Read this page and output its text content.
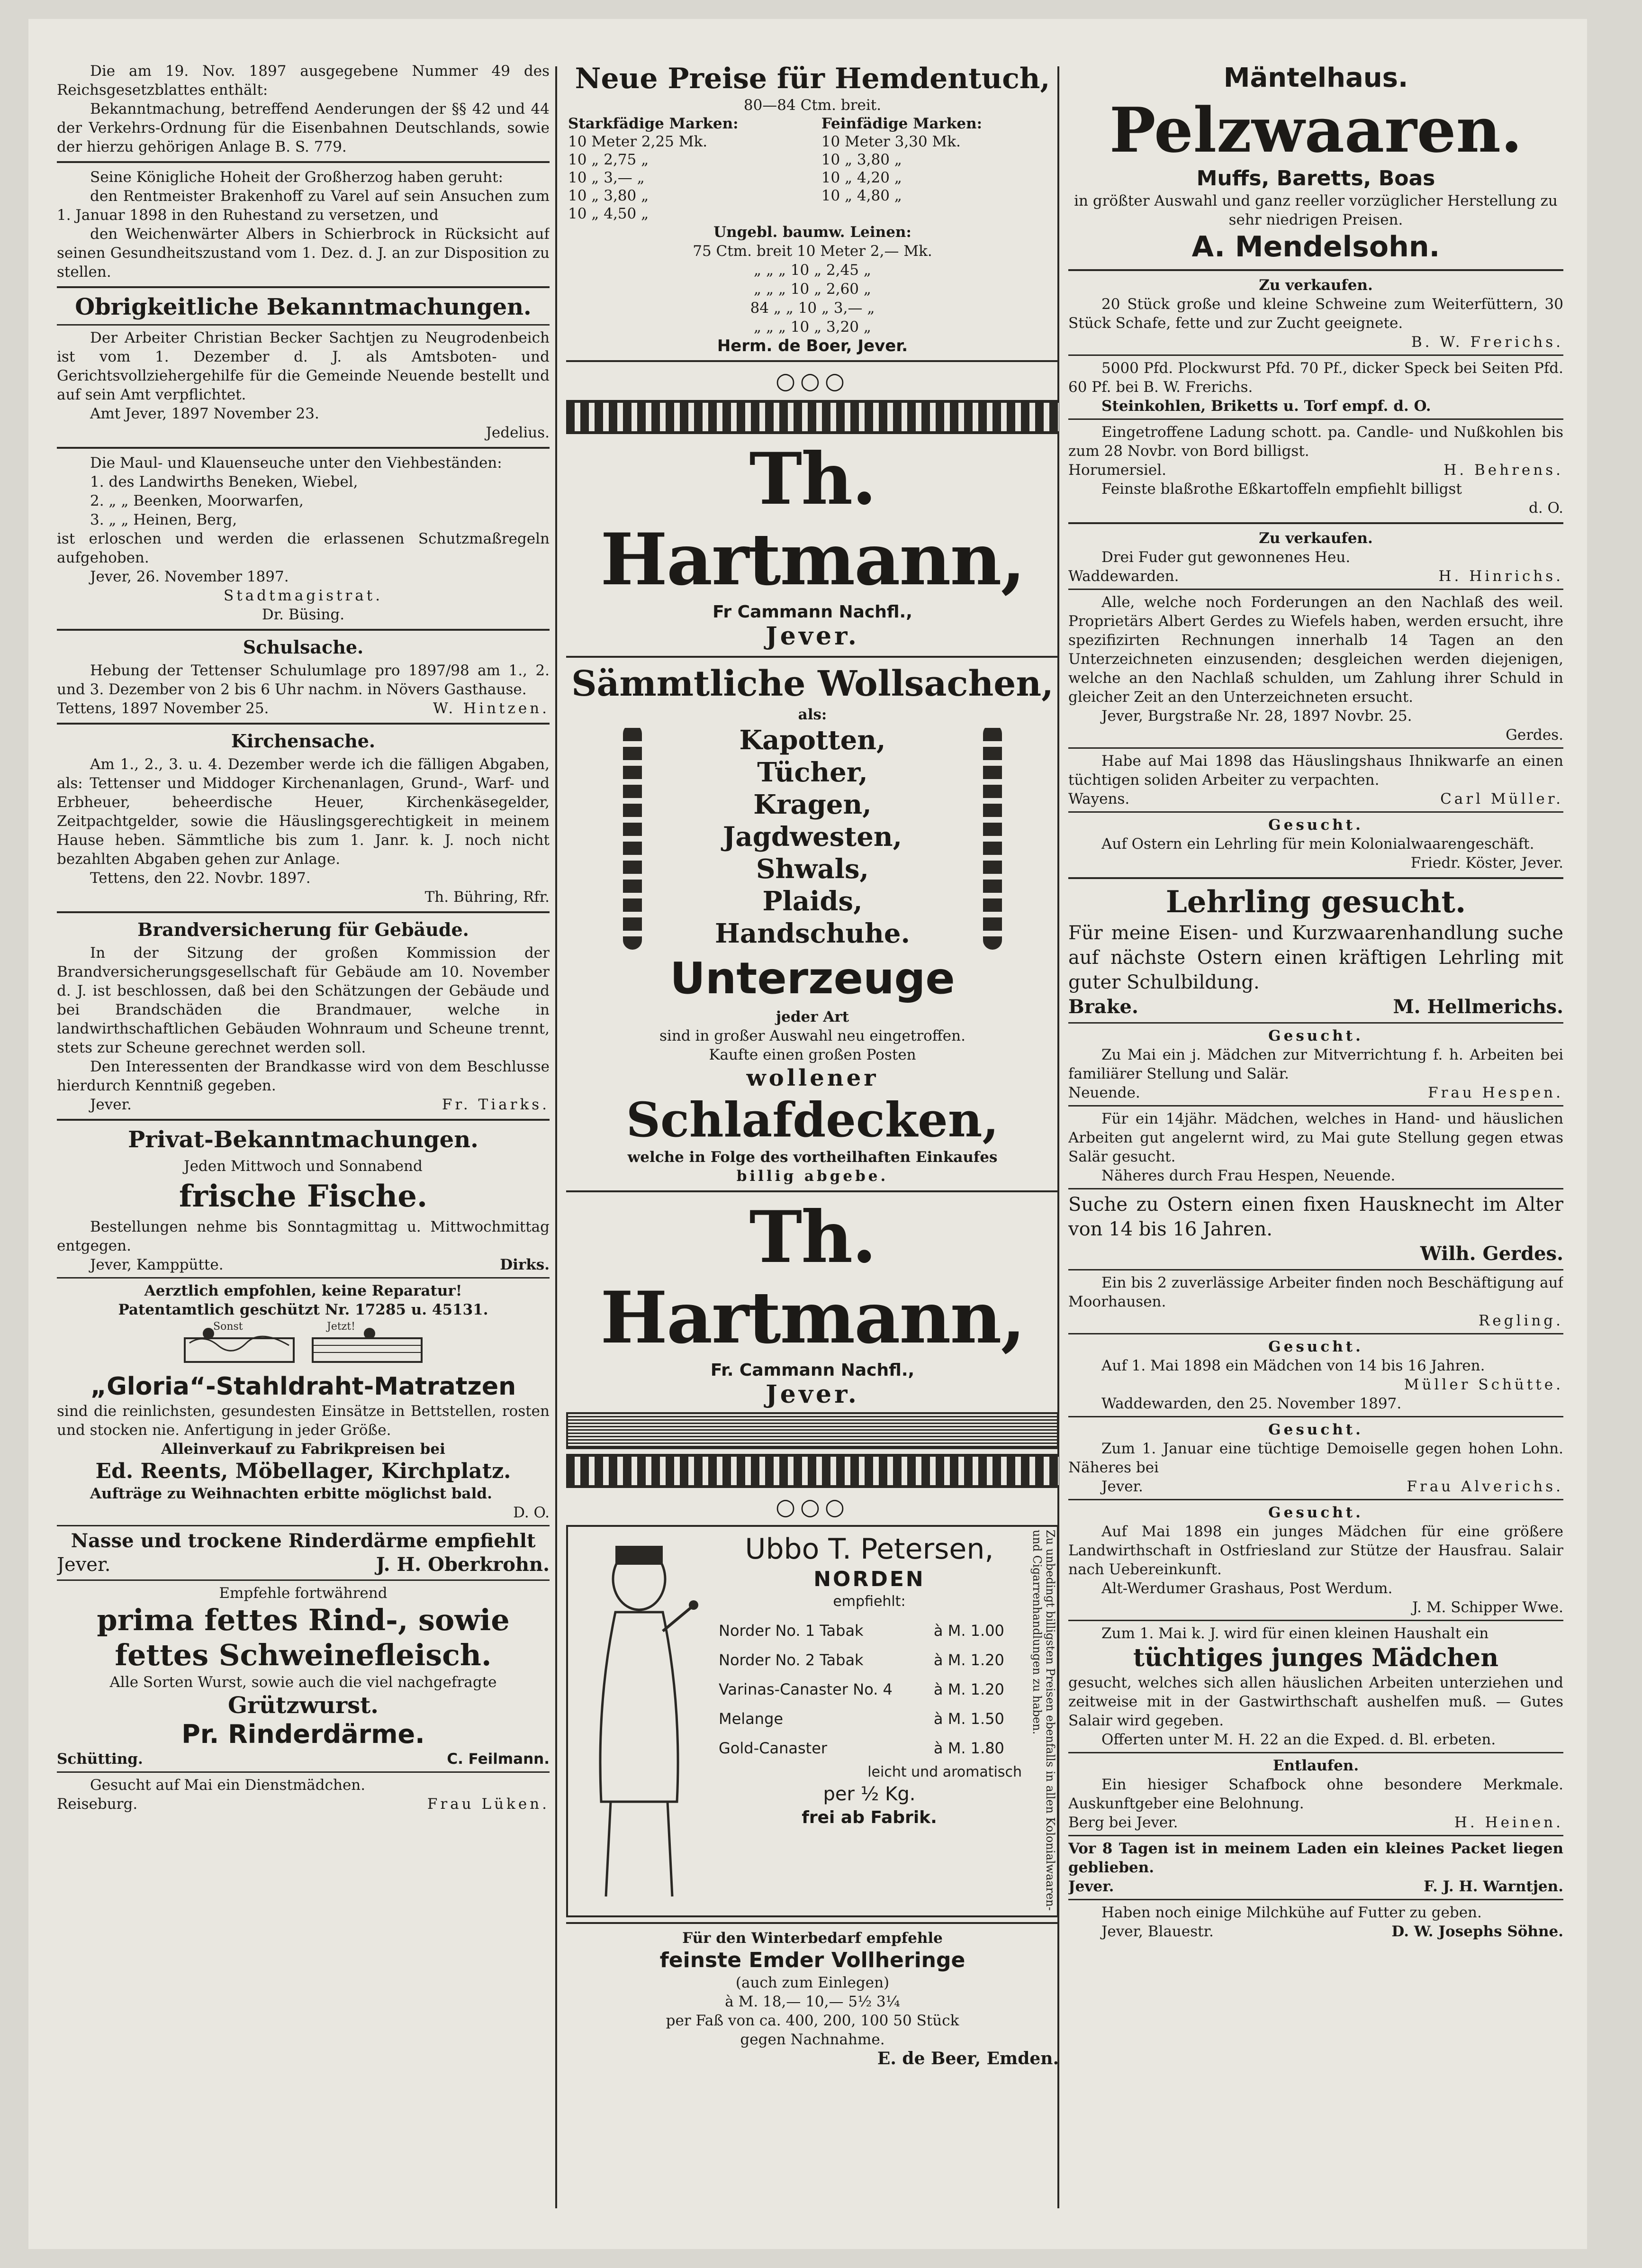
Die am 19. Nov. 1897 ausgegebene Nummer 49 des Reichsgesetzblattes enthält:

Bekanntmachung, betreffend Aenderungen der §§ 42 und 44 der Verkehrs-Ordnung für die Eisenbahnen Deutschlands, sowie der hierzu gehörigen Anlage B. S. 779.

Seine Königliche Hoheit der Großherzog haben geruht:

den Rentmeister Brakenhoff zu Varel auf sein Ansuchen zum 1. Januar 1898 in den Ruhestand zu versetzen, und

den Weichenwärter Albers in Schierbrock in Rücksicht auf seinen Gesundheitszustand vom 1. Dez. d. J. an zur Disposition zu stellen.

Obrigkeitliche Bekanntmachungen.

Der Arbeiter Christian Becker Sachtjen zu Neugrodenbeich ist vom 1. Dezember d. J. als Amtsboten- und Gerichtsvollziehergehilfe für die Gemeinde Neuende bestellt und auf sein Amt verpflichtet.

Amt Jever, 1897 November 23.

Jedelius.

Die Maul- und Klauenseuche unter den Viehbeständen:

1. des Landwirths Beneken, Wiebel,

2. „ „ Beenken, Moorwarfen,

3. „ „ Heinen, Berg,

ist erloschen und werden die erlassenen Schutzmaßregeln aufgehoben.

Jever, 26. November 1897.

Stadtmagistrat.

Dr. Büsing.

Schulsache.

Hebung der Tettenser Schulumlage pro 1897/98 am 1., 2. und 3. Dezember von 2 bis 6 Uhr nachm. in Növers Gasthause.

Tettens, 1897 November 25.	W. Hintzen.
Kirchensache.

Am 1., 2., 3. u. 4. Dezember werde ich die fälligen Abgaben, als: Tettenser und Middoger Kirchenanlagen, Grund-, Warf- und Erbheuer, beheerdische Heuer, Kirchenkäsegelder, Zeitpachtgelder, sowie die Häuslingsgerechtigkeit in meinem Hause heben. Sämmtliche bis zum 1. Janr. k. J. noch nicht bezahlten Abgaben gehen zur Anlage.

Tettens, den 22. Novbr. 1897.

Th. Bühring, Rfr.

Brandversicherung für Gebäude.

In der Sitzung der großen Kommission der Brandversicherungsgesellschaft für Gebäude am 10. November d. J. ist beschlossen, daß bei den Schätzungen der Gebäude und bei Brandschäden die Brandmauer, welche in landwirthschaftlichen Gebäuden Wohnraum und Scheune trennt, stets zur Scheune gerechnet werden soll.

Den Interessenten der Brandkasse wird von dem Beschlusse hierdurch Kenntniß gegeben.

Jever.	Fr. Tiarks.
Privat-Bekanntmachungen.

Jeden Mittwoch und Sonnabend

frische Fische.

Bestellungen nehme bis Sonntagmittag u. Mittwochmittag entgegen.

Jever, Kamppütte.	Dirks.

Aerztlich empfohlen, keine Reparatur!

Patentamtlich geschützt Nr. 17285 u. 45131.

Sonst	Jetzt!
„Gloria“-Stahldraht-Matratzen

sind die reinlichsten, gesundesten Einsätze in Bettstellen, rosten und stocken nie. Anfertigung in jeder Größe.

Alleinverkauf zu Fabrikpreisen bei

Ed. Reents, Möbellager, Kirchplatz.

Aufträge zu Weihnachten erbitte möglichst bald.

D. O.

Nasse und trockene Rinderdärme empfiehlt
Jever.	J. H. Oberkrohn.

Empfehle fortwährend

prima fettes Rind-, sowie fettes Schweinefleisch.

Alle Sorten Wurst, sowie auch die viel nachgefragte

Grützwurst.
Pr. Rinderdärme.
Schütting.	C. Feilmann.

Gesucht auf Mai ein Dienstmädchen.

Reiseburg.	Frau Lüken.
Neue Preise für Hemdentuch,

80—84 Ctm. breit.

Starkfädige Marken:	Feinfädige Marken:
10 Meter 2,25 Mk.	10 Meter 3,30 Mk.
10 „ 2,75 „	10 „ 3,80 „
10 „ 3,— „	10 „ 4,20 „
10 „ 3,80 „	10 „ 4,80 „
10 „ 4,50 „	

Ungebl. baumw. Leinen:

75 Ctm. breit 10 Meter 2,— Mk.

„ „ „ 10 „ 2,45 „

„ „ „ 10 „ 2,60 „

84 „ „ 10 „ 3,— „

„ „ „ 10 „ 3,20 „

Herm. de Boer, Jever.

○○○
Th. Hartmann,

Fr Cammann Nachfl.,

Jever.
Sämmtliche Wollsachen,

als:

Kapotten,
Tücher,
Kragen,
Jagdwesten,
Shwals,
Plaids,
Handschuhe.
Unterzeuge

jeder Art

sind in großer Auswahl neu eingetroffen.

Kaufte einen großen Posten

wollener
Schlafdecken,

welche in Folge des vortheilhaften Einkaufes

billig abgebe.

Th. Hartmann,

Fr. Cammann Nachfl.,

Jever.
○○○
Ubbo T. Petersen,
NORDEN
empfiehlt:
Norder No. 1 Tabak	à M. 1.00
Norder No. 2 Tabak	à M. 1.20
Varinas-Canaster No. 4	à M. 1.20
Melange	à M. 1.50
Gold-Canaster	à M. 1.80
leicht und aromatisch
per ½ Kg.
frei ab Fabrik.	Zu unbedingt billigsten Preisen ebenfalls in allen Kolonialwaaren- und Cigarrenhandlungen zu haben.

Für den Winterbedarf empfehle

feinste Emder Vollheringe

(auch zum Einlegen)

à M. 18,— 10,— 5½ 3¼

per Faß von ca. 400, 200, 100 50 Stück

gegen Nachnahme.

E. de Beer, Emden.

Mäntelhaus.
Pelzwaaren.
Muffs, Baretts, Boas

in größter Auswahl und ganz reeller vorzüglicher Herstellung zu sehr niedrigen Preisen.

A. Mendelsohn.

Zu verkaufen.

20 Stück große und kleine Schweine zum Weiterfüttern, 30 Stück Schafe, fette und zur Zucht geeignete.

B. W. Frerichs.

5000 Pfd. Plockwurst Pfd. 70 Pf., dicker Speck bei Seiten Pfd. 60 Pf. bei B. W. Frerichs.

Steinkohlen, Briketts u. Torf empf. d. O.

Eingetroffene Ladung schott. pa. Candle- und Nußkohlen bis zum 28 Novbr. von Bord billigst.

Horumersiel.	H. Behrens.

Feinste blaßrothe Eßkartoffeln empfiehlt billigst

d. O.

Zu verkaufen.

Drei Fuder gut gewonnenes Heu.

Waddewarden.	H. Hinrichs.

Alle, welche noch Forderungen an den Nachlaß des weil. Proprietärs Albert Gerdes zu Wiefels haben, werden ersucht, ihre spezifizirten Rechnungen innerhalb 14 Tagen an den Unterzeichneten einzusenden; desgleichen werden diejenigen, welche an den Nachlaß schulden, um Zahlung ihrer Schuld in gleicher Zeit an den Unterzeichneten ersucht.

Jever, Burgstraße Nr. 28, 1897 Novbr. 25.

Gerdes.

Habe auf Mai 1898 das Häuslingshaus Ihnikwarfe an einen tüchtigen soliden Arbeiter zu verpachten.

Wayens.	Carl Müller.

Gesucht.

Auf Ostern ein Lehrling für mein Kolonialwaarengeschäft.

Friedr. Köster, Jever.

Lehrling gesucht.

Für meine Eisen- und Kurzwaarenhandlung suche auf nächste Ostern einen kräftigen Lehrling mit guter Schulbildung.

Brake.	M. Hellmerichs.

Gesucht.

Zu Mai ein j. Mädchen zur Mitverrichtung f. h. Arbeiten bei familiärer Stellung und Salär.

Neuende.	Frau Hespen.

Für ein 14jähr. Mädchen, welches in Hand- und häuslichen Arbeiten gut angelernt wird, zu Mai gute Stellung gegen etwas Salär gesucht.

Näheres durch Frau Hespen, Neuende.

Suche zu Ostern einen fixen Hausknecht im Alter von 14 bis 16 Jahren.

Wilh. Gerdes.

Ein bis 2 zuverlässige Arbeiter finden noch Beschäftigung auf Moorhausen.

Regling.

Gesucht.

Auf 1. Mai 1898 ein Mädchen von 14 bis 16 Jahren.

Müller Schütte.

Waddewarden, den 25. November 1897.

Gesucht.

Zum 1. Januar eine tüchtige Demoiselle gegen hohen Lohn. Näheres bei

Jever.	Frau Alverichs.

Gesucht.

Auf Mai 1898 ein junges Mädchen für eine größere Landwirthschaft in Ostfriesland zur Stütze der Hausfrau. Salair nach Uebereinkunft.

Alt-Werdumer Grashaus, Post Werdum.

J. M. Schipper Wwe.

Zum 1. Mai k. J. wird für einen kleinen Haushalt ein

tüchtiges junges Mädchen

gesucht, welches sich allen häuslichen Arbeiten unterziehen und zeitweise mit in der Gastwirthschaft aushelfen muß. — Gutes Salair wird gegeben.

Offerten unter M. H. 22 an die Exped. d. Bl. erbeten.

Entlaufen.

Ein hiesiger Schafbock ohne besondere Merkmale. Auskunftgeber eine Belohnung.

Berg bei Jever.	H. Heinen.

Vor 8 Tagen ist in meinem Laden ein kleines Packet liegen geblieben.

Jever.	F. J. H. Warntjen.

Haben noch einige Milchkühe auf Futter zu geben.

Jever, Blauestr.	D. W. Josephs Söhne.
